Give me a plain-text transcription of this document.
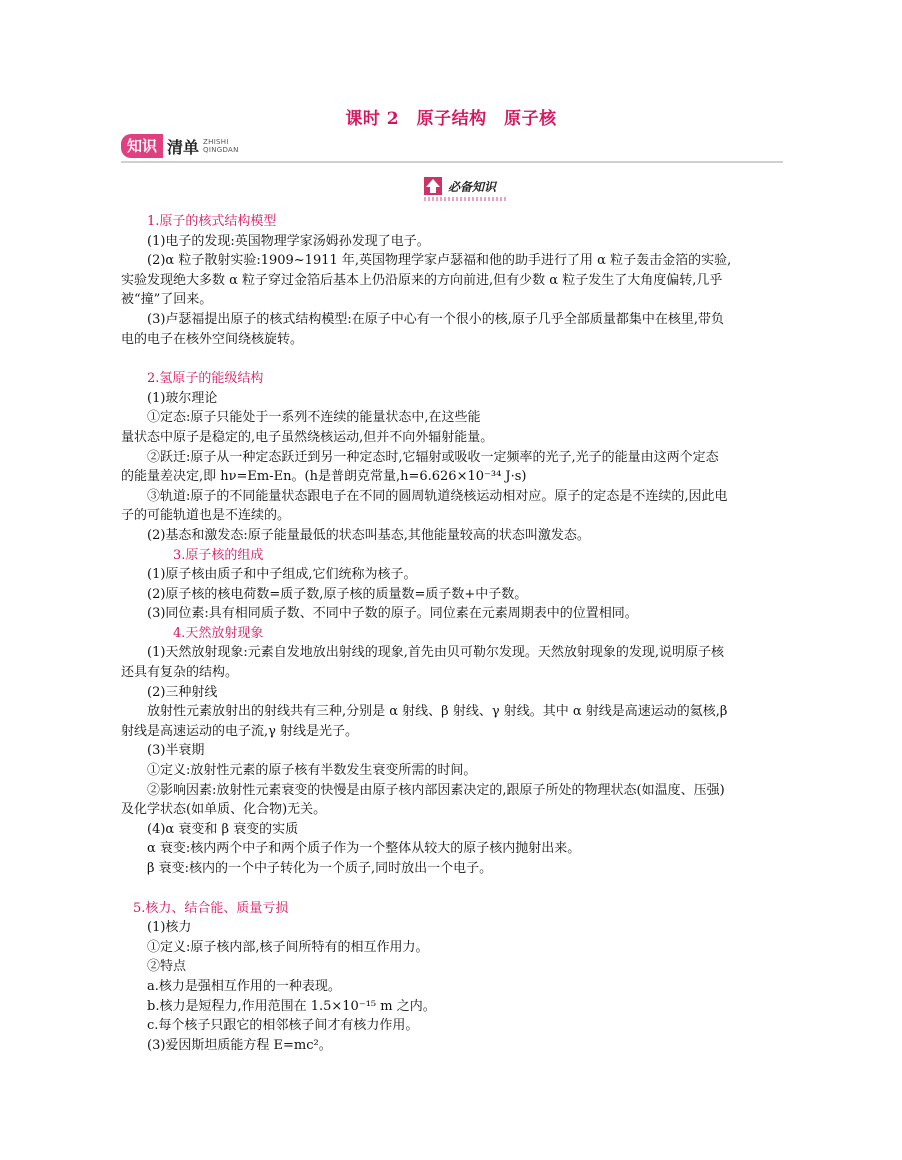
课时 2　原子结构　原子核
知识 清单 ZHISHI
QINGDAN
必备知识
1.原子的核式结构模型
(1)电子的发现:英国物理学家汤姆孙发现了电子。
(2)α 粒子散射实验:1909~1911 年,英国物理学家卢瑟福和他的助手进行了用 α 粒子轰击金箔的实验,
实验发现绝大多数 α 粒子穿过金箔后基本上仍沿原来的方向前进,但有少数 α 粒子发生了大角度偏转,几乎
被“撞”了回来。
(3)卢瑟福提出原子的核式结构模型:在原子中心有一个很小的核,原子几乎全部质量都集中在核里,带负
电的电子在核外空间绕核旋转。
2.氢原子的能级结构
(1)玻尔理论
①定态:原子只能处于一系列不连续的能量状态中,在这些能
量状态中原子是稳定的,电子虽然绕核运动,但并不向外辐射能量。
②跃迁:原子从一种定态跃迁到另一种定态时,它辐射或吸收一定频率的光子,光子的能量由这两个定态
的能量差决定,即 hν=Em-En。(h是普朗克常量,h=6.626×10⁻³⁴ J·s)
③轨道:原子的不同能量状态跟电子在不同的圆周轨道绕核运动相对应。原子的定态是不连续的,因此电
子的可能轨道也是不连续的。
(2)基态和激发态:原子能量最低的状态叫基态,其他能量较高的状态叫激发态。
3.原子核的组成
(1)原子核由质子和中子组成,它们统称为核子。
(2)原子核的核电荷数=质子数,原子核的质量数=质子数+中子数。
(3)同位素:具有相同质子数、不同中子数的原子。同位素在元素周期表中的位置相同。
4.天然放射现象
(1)天然放射现象:元素自发地放出射线的现象,首先由贝可勒尔发现。天然放射现象的发现,说明原子核
还具有复杂的结构。
(2)三种射线
放射性元素放射出的射线共有三种,分别是 α 射线、β 射线、γ 射线。其中 α 射线是高速运动的氦核,β
射线是高速运动的电子流,γ 射线是光子。
(3)半衰期
①定义:放射性元素的原子核有半数发生衰变所需的时间。
②影响因素:放射性元素衰变的快慢是由原子核内部因素决定的,跟原子所处的物理状态(如温度、压强)
及化学状态(如单质、化合物)无关。
(4)α 衰变和 β 衰变的实质
α 衰变:核内两个中子和两个质子作为一个整体从较大的原子核内抛射出来。
β 衰变:核内的一个中子转化为一个质子,同时放出一个电子。
5.核力、结合能、质量亏损
(1)核力
①定义:原子核内部,核子间所特有的相互作用力。
②特点
a.核力是强相互作用的一种表现。
b.核力是短程力,作用范围在 1.5×10⁻¹⁵ m 之内。
c.每个核子只跟它的相邻核子间才有核力作用。
(3)爱因斯坦质能方程 E=mc²。
